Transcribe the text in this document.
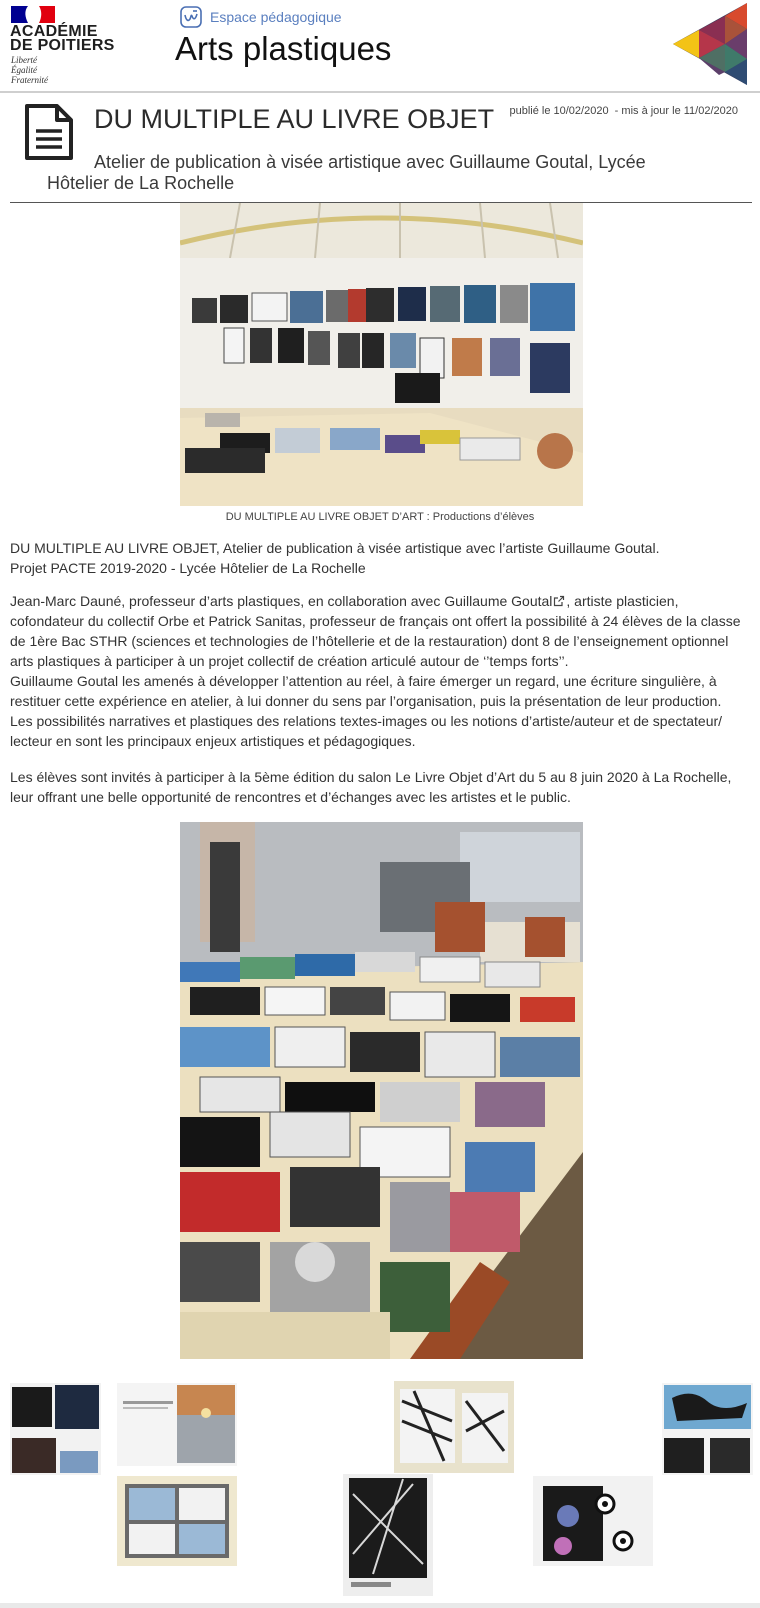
ACADÉMIE
DE POITIERS
Liberté
Égalité
Fraternité
Espace pédagogique
Arts plastiques
publié le 10/02/2020  - mis à jour le 11/02/2020
DU MULTIPLE AU LIVRE OBJET
Atelier de publication à visée artistique avec Guillaume Goutal, Lycée Hôtelier de La Rochelle
DU MULTIPLE AU LIVRE OBJET D’ART : Productions d’élèves

DU MULTIPLE AU LIVRE OBJET, Atelier de publication à visée artistique avec l’artiste Guillaume Goutal.
Projet PACTE 2019-2020 - Lycée Hôtelier de La Rochelle

Jean-Marc Dauné, professeur d’arts plastiques, en collaboration avec Guillaume Goutal , artiste plasticien, cofondateur du collectif Orbe et Patrick Sanitas, professeur de français ont offert la possibilité à 24 élèves de la classe de 1ère Bac STHR (sciences et technologies de l’hôtellerie et de la restauration) dont 8 de l’enseignement optionnel arts plastiques à participer à un projet collectif de création articulé autour de ‘’temps forts’’.
Guillaume Goutal les amenés à développer l’attention au réel, à faire émerger un regard, une écriture singulière, à restituer cette expérience en atelier, à lui donner du sens par l’organisation, puis la présentation de leur production.
Les possibilités narratives et plastiques des relations textes-images ou les notions d’artiste/auteur et de spectateur/ lecteur en sont les principaux enjeux artistiques et pédagogiques.

Les élèves sont invités à participer à la 5ème édition du salon Le Livre Objet d’Art du 5 au 8 juin 2020 à La Rochelle, leur offrant une belle opportunité de rencontres et d’échanges avec les artistes et le public.
